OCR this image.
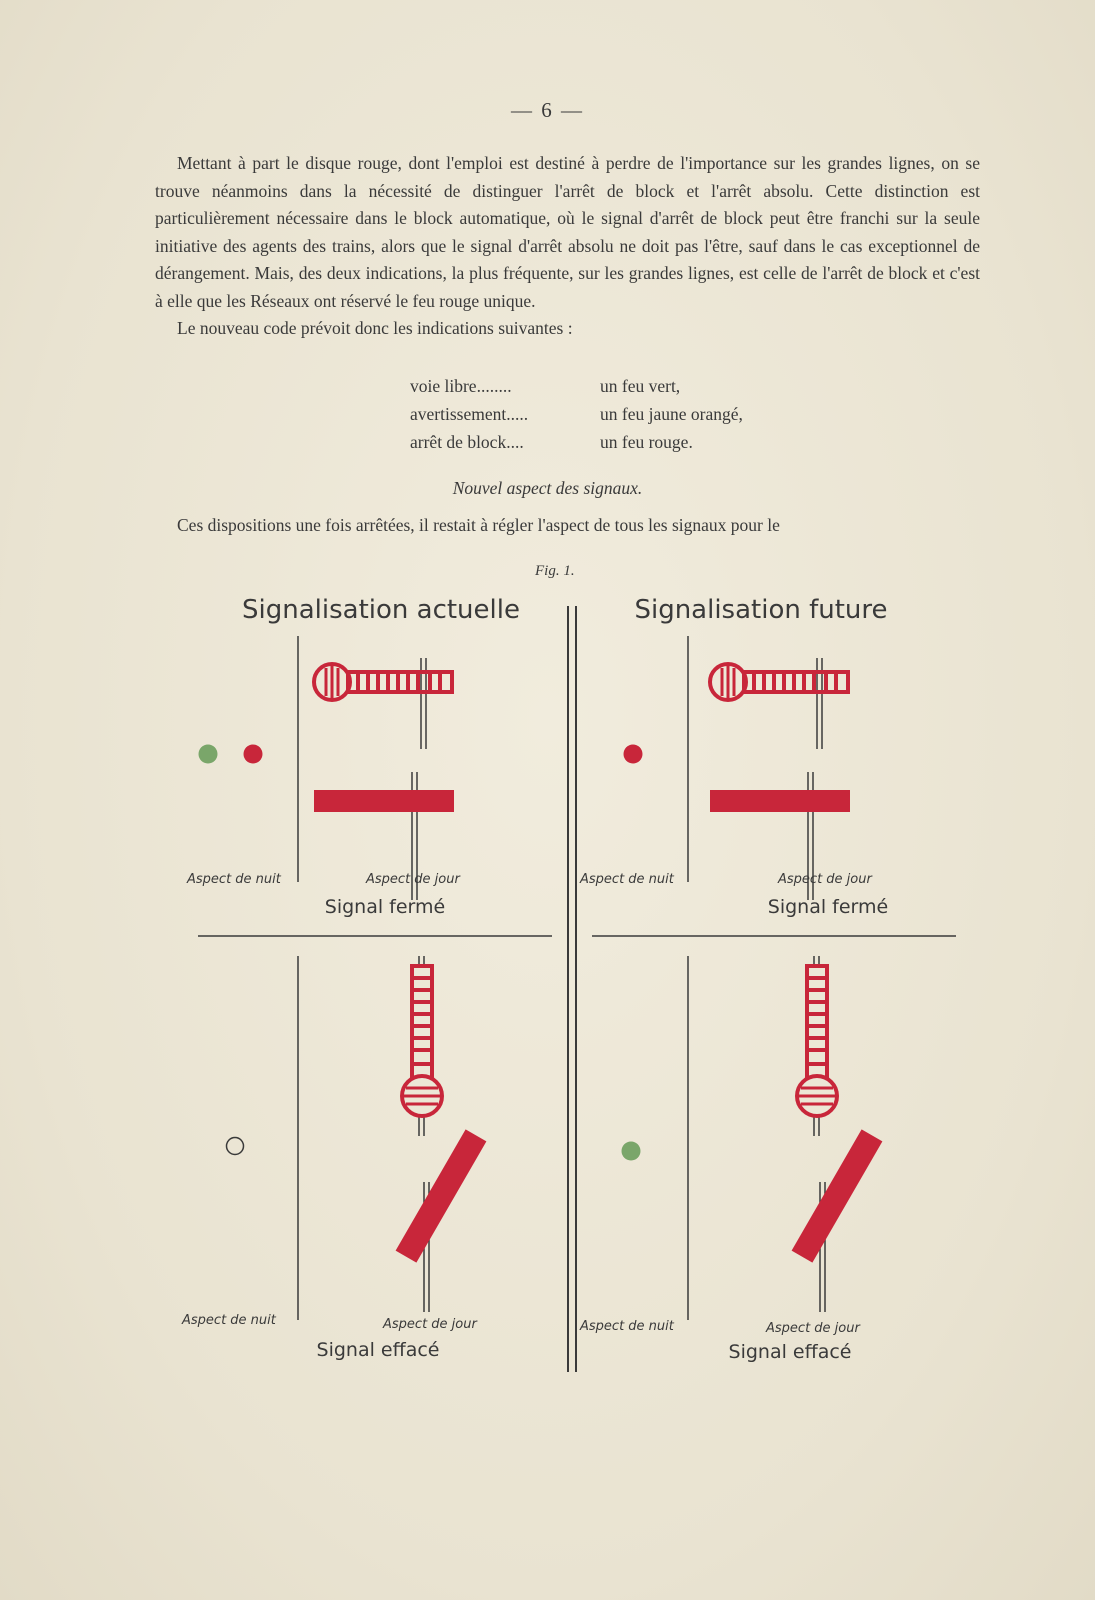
— 6 —

Mettant à part le disque rouge, dont l'emploi est destiné à perdre de l'importance sur les grandes lignes, on se trouve néanmoins dans la nécessité de distinguer l'arrêt de block et l'arrêt absolu. Cette distinction est particulièrement nécessaire dans le block automatique, où le signal d'arrêt de block peut être franchi sur la seule initiative des agents des trains, alors que le signal d'arrêt absolu ne doit pas l'être, sauf dans le cas exceptionnel de dérangement. Mais, des deux indications, la plus fréquente, sur les grandes lignes, est celle de l'arrêt de block et c'est à elle que les Réseaux ont réservé le feu rouge unique.

Le nouveau code prévoit donc les indications suivantes :

voie libre........	un feu vert,
avertissement.....	un feu jaune orangé,
arrêt de block....	un feu rouge.
Nouvel aspect des signaux.
Ces dispositions une fois arrêtées, il restait à régler l'aspect de tous les signaux pour le
Fig. 1.
Signalisation actuelle	Signalisation future
Aspect de nuit	Aspect de jour
Signal fermé
Aspect de nuit	Aspect de jour
Signal fermé
Aspect de nuit	Aspect de jour
Signal effacé
Aspect de nuit	Aspect de jour
Signal effacé
